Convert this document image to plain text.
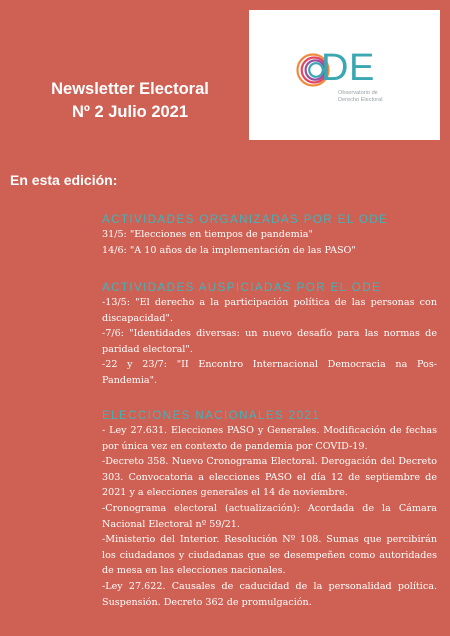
Newsletter Electoral
Nº 2 Julio 2021
DE
Observatorio de
Derecho Electoral
En esta edición:
ACTIVIDADES ORGANIZADAS POR EL ODE
31/5: "Elecciones en tiempos de pandemia"
14/6: "A 10 años de la implementación de las PASO"
ACTIVIDADES AUSPICIADAS POR EL ODE
-13/5: "El derecho a la participación política de las personas con discapacidad".
-7/6: "Identidades diversas: un nuevo desafío para las normas de paridad electoral".
-22 y 23/7: "II Encontro Internacional Democracia na Pos-Pandemia".
ELECCIONES NACIONALES 2021
- Ley 27.631. Elecciones PASO y Generales. Modificación de fechas por única vez en contexto de pandemia por COVID-19.
-Decreto 358. Nuevo Cronograma Electoral. Derogación del Decreto 303. Convocatoria a elecciones PASO el día 12 de septiembre de 2021 y a elecciones generales el 14 de noviembre.
-Cronograma electoral (actualización): Acordada de la Cámara Nacional Electoral nº 59/21.
-Ministerio del Interior. Resolución Nº 108. Sumas que percibirán los ciudadanos y ciudadanas que se desempeñen como autoridades de mesa en las elecciones nacionales.
-Ley 27.622. Causales de caducidad de la personalidad política. Suspensión. Decreto 362 de promulgación.
